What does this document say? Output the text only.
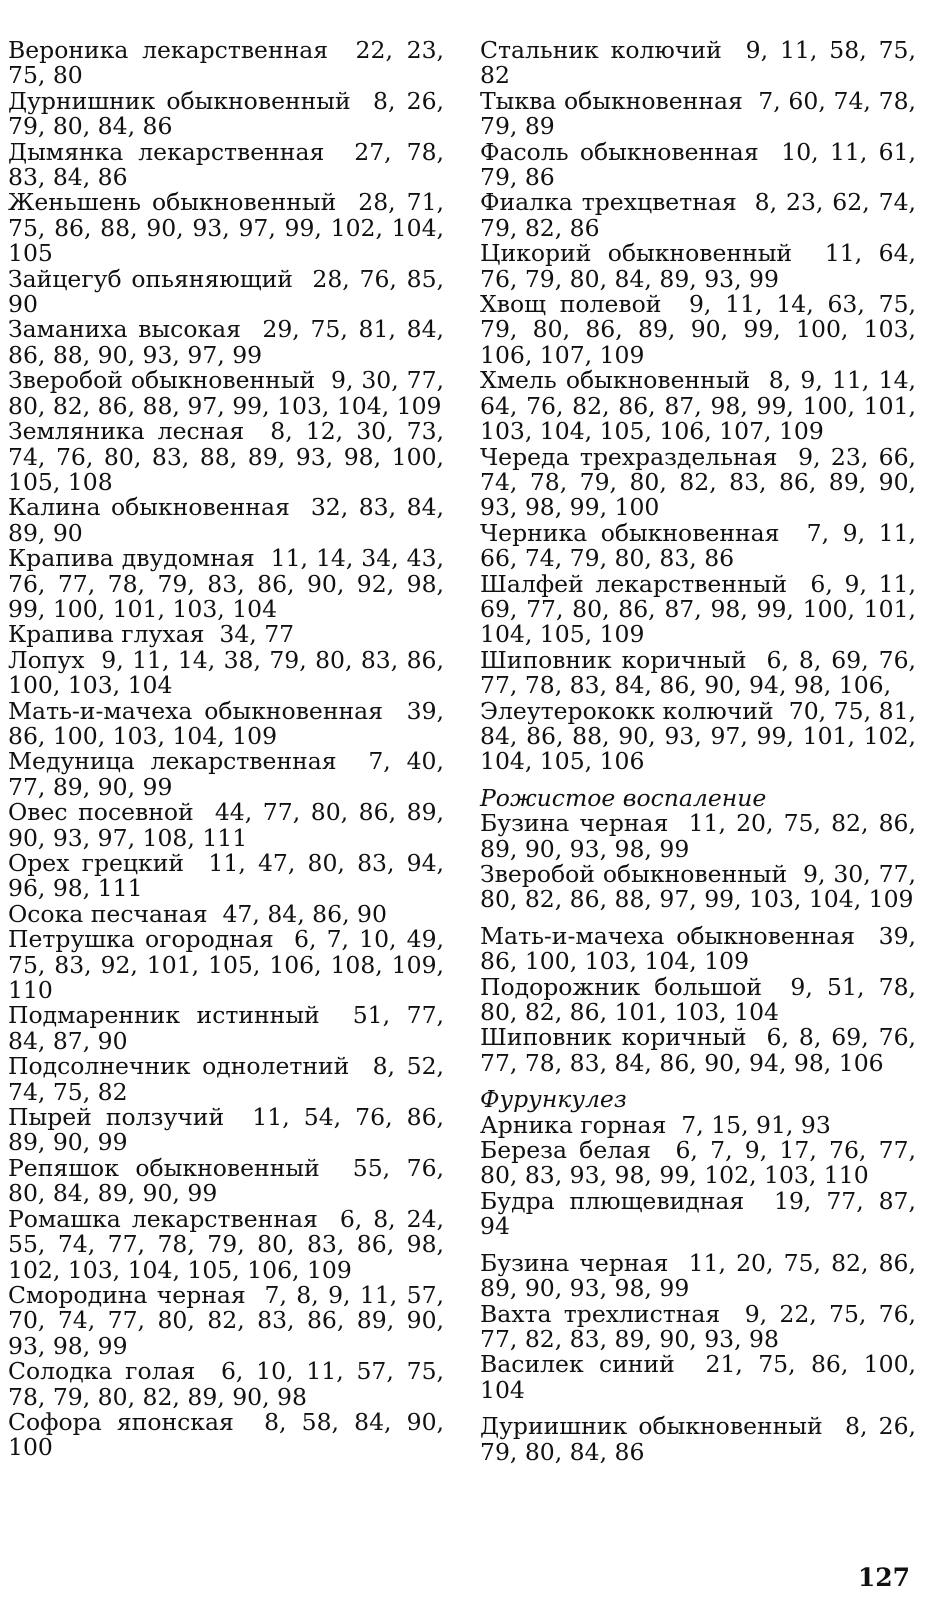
Вероника лекарственная 22, 23, 75, 80

Дурнишник обыкновенный 8, 26, 79, 80, 84, 86

Дымянка лекарственная 27, 78, 83, 84, 86

Женьшень обыкновенный 28, 71, 75, 86, 88, 90, 93, 97, 99, 102, 104, 105

Зайцегуб опьяняющий 28, 76, 85, 90

Заманиха высокая 29, 75, 81, 84, 86, 88, 90, 93, 97, 99

Зверобой обыкновенный 9, 30, 77, 80, 82, 86, 88, 97, 99, 103, 104, 109

Земляника лесная 8, 12, 30, 73, 74, 76, 80, 83, 88, 89, 93, 98, 100, 105, 108

Калина обыкновенная 32, 83, 84, 89, 90

Крапива двудомная 11, 14, 34, 43, 76, 77, 78, 79, 83, 86, 90, 92, 98, 99, 100, 101, 103, 104

Крапива глухая 34, 77

Лопух 9, 11, 14, 38, 79, 80, 83, 86, 100, 103, 104

Мать-и-мачеха обыкновенная 39, 86, 100, 103, 104, 109

Медуница лекарственная 7, 40, 77, 89, 90, 99

Овес посевной 44, 77, 80, 86, 89, 90, 93, 97, 108, 111

Орех грецкий 11, 47, 80, 83, 94, 96, 98, 111

Осока песчаная 47, 84, 86, 90

Петрушка огородная 6, 7, 10, 49, 75, 83, 92, 101, 105, 106, 108, 109, 110

Подмаренник истинный 51, 77, 84, 87, 90

Подсолнечник однолетний 8, 52, 74, 75, 82

Пырей ползучий 11, 54, 76, 86, 89, 90, 99

Репяшок обыкновенный 55, 76, 80, 84, 89, 90, 99

Ромашка лекарственная 6, 8, 24, 55, 74, 77, 78, 79, 80, 83, 86, 98, 102, 103, 104, 105, 106, 109

Смородина черная 7, 8, 9, 11, 57, 70, 74, 77, 80, 82, 83, 86, 89, 90, 93, 98, 99

Солодка голая 6, 10, 11, 57, 75, 78, 79, 80, 82, 89, 90, 98

Софора японская 8, 58, 84, 90, 100

Стальник колючий 9, 11, 58, 75, 82

Тыква обыкновенная 7, 60, 74, 78, 79, 89

Фасоль обыкновенная 10, 11, 61, 79, 86

Фиалка трехцветная 8, 23, 62, 74, 79, 82, 86

Цикорий обыкновенный 11, 64, 76, 79, 80, 84, 89, 93, 99

Хвощ полевой 9, 11, 14, 63, 75, 79, 80, 86, 89, 90, 99, 100, 103, 106, 107, 109

Хмель обыкновенный 8, 9, 11, 14, 64, 76, 82, 86, 87, 98, 99, 100, 101, 103, 104, 105, 106, 107, 109

Череда трехраздельная 9, 23, 66, 74, 78, 79, 80, 82, 83, 86, 89, 90, 93, 98, 99, 100

Черника обыкновенная 7, 9, 11, 66, 74, 79, 80, 83, 86

Шалфей лекарственный 6, 9, 11, 69, 77, 80, 86, 87, 98, 99, 100, 101, 104, 105, 109

Шиповник коричный 6, 8, 69, 76, 77, 78, 83, 84, 86, 90, 94, 98, 106,

Элеутерококк колючий 70, 75, 81, 84, 86, 88, 90, 93, 97, 99, 101, 102, 104, 105, 106

Рожистое воспаление

Бузина черная 11, 20, 75, 82, 86, 89, 90, 93, 98, 99

Зверобой обыкновенный 9, 30, 77, 80, 82, 86, 88, 97, 99, 103, 104, 109

Мать-и-мачеха обыкновенная 39, 86, 100, 103, 104, 109

Подорожник большой 9, 51, 78, 80, 82, 86, 101, 103, 104

Шиповник коричный 6, 8, 69, 76, 77, 78, 83, 84, 86, 90, 94, 98, 106

Фурункулез

Арника горная 7, 15, 91, 93

Береза белая 6, 7, 9, 17, 76, 77, 80, 83, 93, 98, 99, 102, 103, 110

Будра плющевидная 19, 77, 87, 94

Бузина черная 11, 20, 75, 82, 86, 89, 90, 93, 98, 99

Вахта трехлистная 9, 22, 75, 76, 77, 82, 83, 89, 90, 93, 98

Василек синий 21, 75, 86, 100, 104

Дуриишник обыкновенный 8, 26, 79, 80, 84, 86

127
